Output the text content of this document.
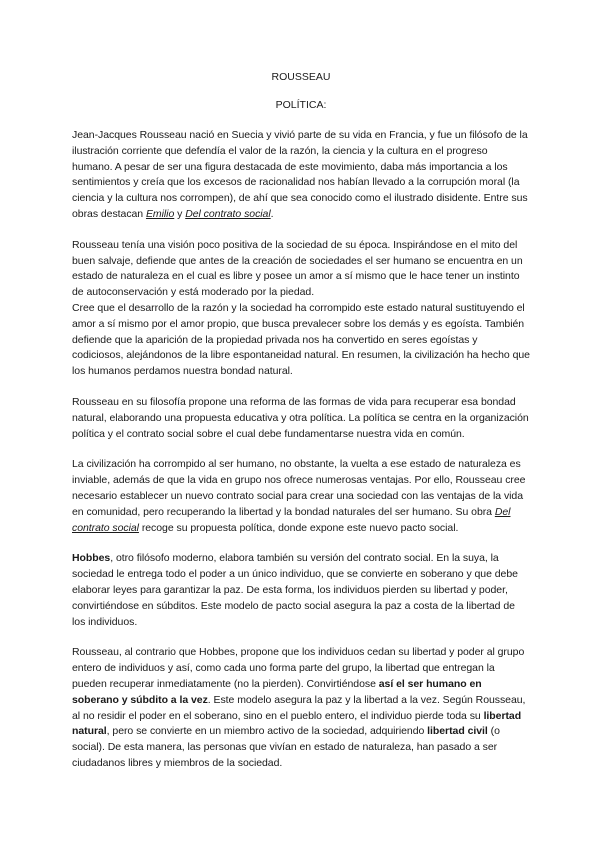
ROUSSEAU

POLÍTICA:

Jean-Jacques Rousseau nació en Suecia y vivió parte de su vida en Francia, y fue un filósofo de la ilustración corriente que defendía el valor de la razón, la ciencia y la cultura en el progreso humano. A pesar de ser una figura destacada de este movimiento, daba más importancia a los sentimientos y creía que los excesos de racionalidad nos habían llevado a la corrupción moral (la ciencia y la cultura nos corrompen), de ahí que sea conocido como el ilustrado disidente. Entre sus obras destacan Emilio y Del contrato social.

Rousseau tenía una visión poco positiva de la sociedad de su época. Inspirándose en el mito del buen salvaje, defiende que antes de la creación de sociedades el ser humano se encuentra en un estado de naturaleza en el cual es libre y posee un amor a sí mismo que le hace tener un instinto de autoconservación y está moderado por la piedad.

Cree que el desarrollo de la razón y la sociedad ha corrompido este estado natural sustituyendo el amor a sí mismo por el amor propio, que busca prevalecer sobre los demás y es egoísta. También defiende que la aparición de la propiedad privada nos ha convertido en seres egoístas y codiciosos, alejándonos de la libre espontaneidad natural. En resumen, la civilización ha hecho que los humanos perdamos nuestra bondad natural.

Rousseau en su filosofía propone una reforma de las formas de vida para recuperar esa bondad natural, elaborando una propuesta educativa y otra política. La política se centra en la organización política y el contrato social sobre el cual debe fundamentarse nuestra vida en común.

La civilización ha corrompido al ser humano, no obstante, la vuelta a ese estado de naturaleza es inviable, además de que la vida en grupo nos ofrece numerosas ventajas. Por ello, Rousseau cree necesario establecer un nuevo contrato social para crear una sociedad con las ventajas de la vida en comunidad, pero recuperando la libertad y la bondad naturales del ser humano. Su obra Del contrato social recoge su propuesta política, donde expone este nuevo pacto social.

Hobbes, otro filósofo moderno, elabora también su versión del contrato social. En la suya, la sociedad le entrega todo el poder a un único individuo, que se convierte en soberano y que debe elaborar leyes para garantizar la paz. De esta forma, los individuos pierden su libertad y poder, convirtiéndose en súbditos. Este modelo de pacto social asegura la paz a costa de la libertad de los individuos.

Rousseau, al contrario que Hobbes, propone que los individuos cedan su libertad y poder al grupo entero de individuos y así, como cada uno forma parte del grupo, la libertad que entregan la pueden recuperar inmediatamente (no la pierden). Convirtiéndose así el ser humano en soberano y súbdito a la vez. Este modelo asegura la paz y la libertad a la vez. Según Rousseau, al no residir el poder en el soberano, sino en el pueblo entero, el individuo pierde toda su libertad natural, pero se convierte en un miembro activo de la sociedad, adquiriendo libertad civil (o social). De esta manera, las personas que vivían en estado de naturaleza, han pasado a ser ciudadanos libres y miembros de la sociedad.
